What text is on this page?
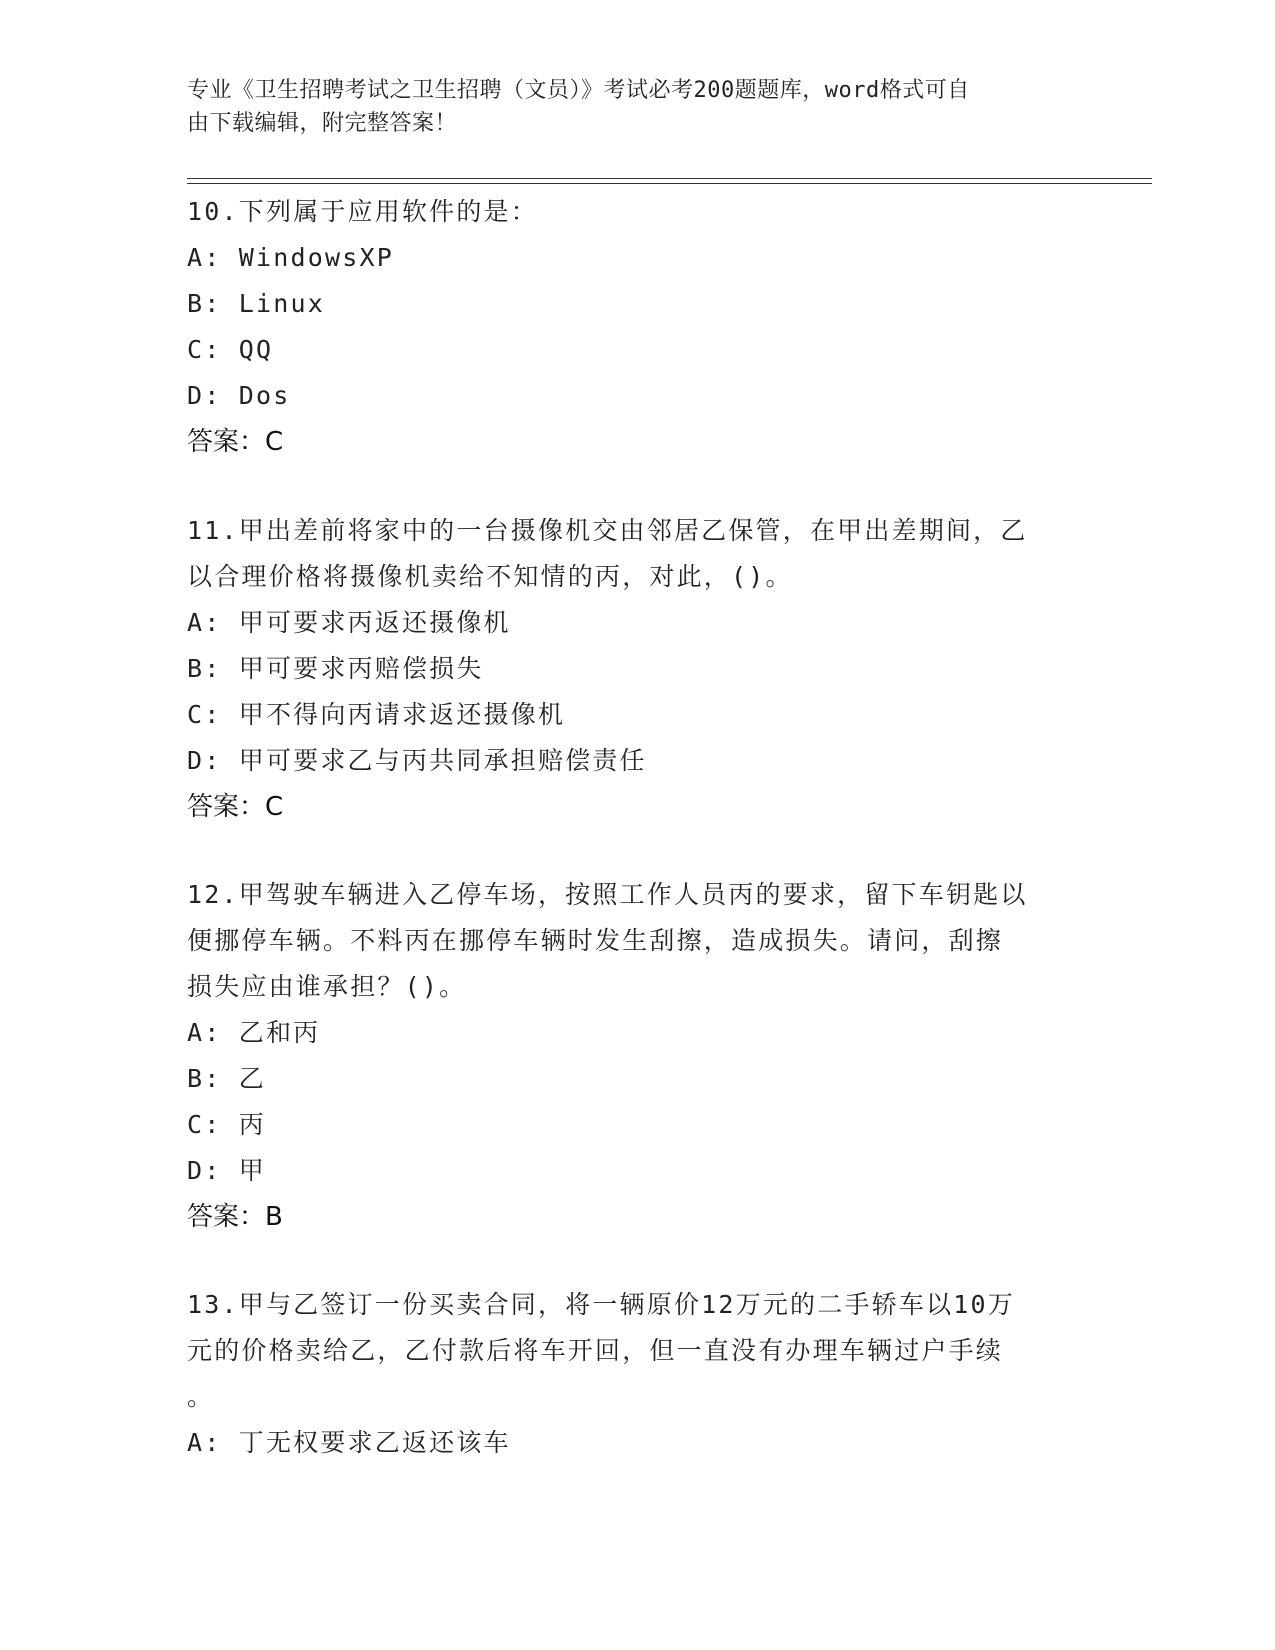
专业《卫生招聘考试之卫生招聘（文员）》考试必考200题题库，word格式可自
由下载编辑，附完整答案！
10.下列属于应用软件的是：
A: WindowsXP
B: Linux
C: QQ
D: Dos
答案：C
11.甲出差前将家中的一台摄像机交由邻居乙保管，在甲出差期间，乙
以合理价格将摄像机卖给不知情的丙，对此，()。
A: 甲可要求丙返还摄像机
B: 甲可要求丙赔偿损失
C: 甲不得向丙请求返还摄像机
D: 甲可要求乙与丙共同承担赔偿责任
答案：C
12.甲驾驶车辆进入乙停车场，按照工作人员丙的要求，留下车钥匙以
便挪停车辆。不料丙在挪停车辆时发生刮擦，造成损失。请问，刮擦
损失应由谁承担？()。
A: 乙和丙
B: 乙
C: 丙
D: 甲
答案：B
13.甲与乙签订一份买卖合同，将一辆原价12万元的二手轿车以10万
元的价格卖给乙，乙付款后将车开回，但一直没有办理车辆过户手续
。
A: 丁无权要求乙返还该车
